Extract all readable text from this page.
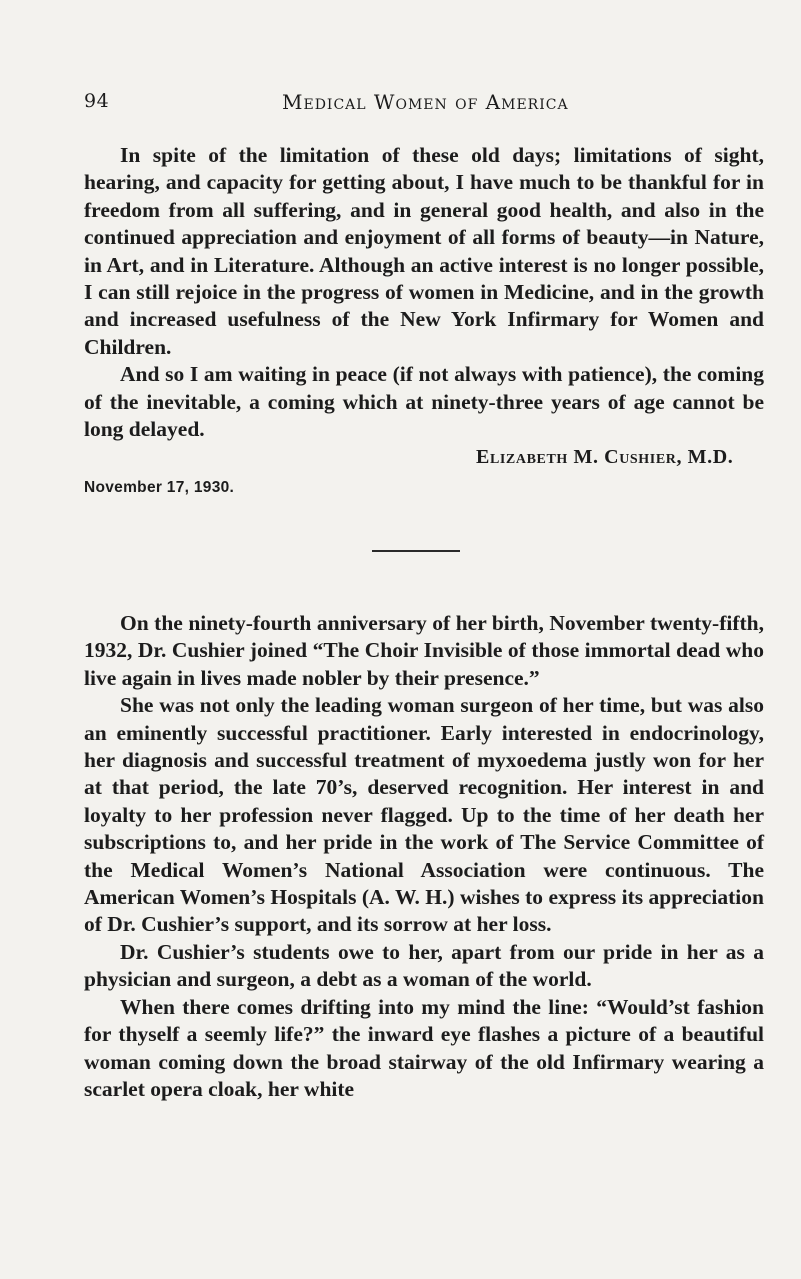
94	Medical Women of America

In spite of the limitation of these old days; limitations of sight, hearing, and capacity for getting about, I have much to be thankful for in freedom from all suffering, and in general good health, and also in the continued appreciation and enjoyment of all forms of beauty—in Nature, in Art, and in Literature. Although an active interest is no longer possible, I can still rejoice in the progress of women in Medicine, and in the growth and increased usefulness of the New York Infirmary for Women and Children.

And so I am waiting in peace (if not always with patience), the coming of the inevitable, a coming which at ninety-three years of age cannot be long delayed.

Elizabeth M. Cushier, M.D.
November 17, 1930.

On the ninety-fourth anniversary of her birth, November twenty-fifth, 1932, Dr. Cushier joined “The Choir Invisible of those immortal dead who live again in lives made nobler by their presence.”

She was not only the leading woman surgeon of her time, but was also an eminently successful practitioner. Early interested in endocrinology, her diagnosis and successful treatment of myxoedema justly won for her at that period, the late 70’s, deserved recognition. Her interest in and loyalty to her profession never flagged. Up to the time of her death her subscriptions to, and her pride in the work of The Service Committee of the Medical Women’s National Association were continuous. The American Women’s Hospitals (A. W. H.) wishes to express its appreciation of Dr. Cushier’s support, and its sorrow at her loss.

Dr. Cushier’s students owe to her, apart from our pride in her as a physician and surgeon, a debt as a woman of the world.

When there comes drifting into my mind the line: “Would’st fashion for thyself a seemly life?” the inward eye flashes a picture of a beautiful woman coming down the broad stairway of the old Infirmary wearing a scarlet opera cloak, her white
